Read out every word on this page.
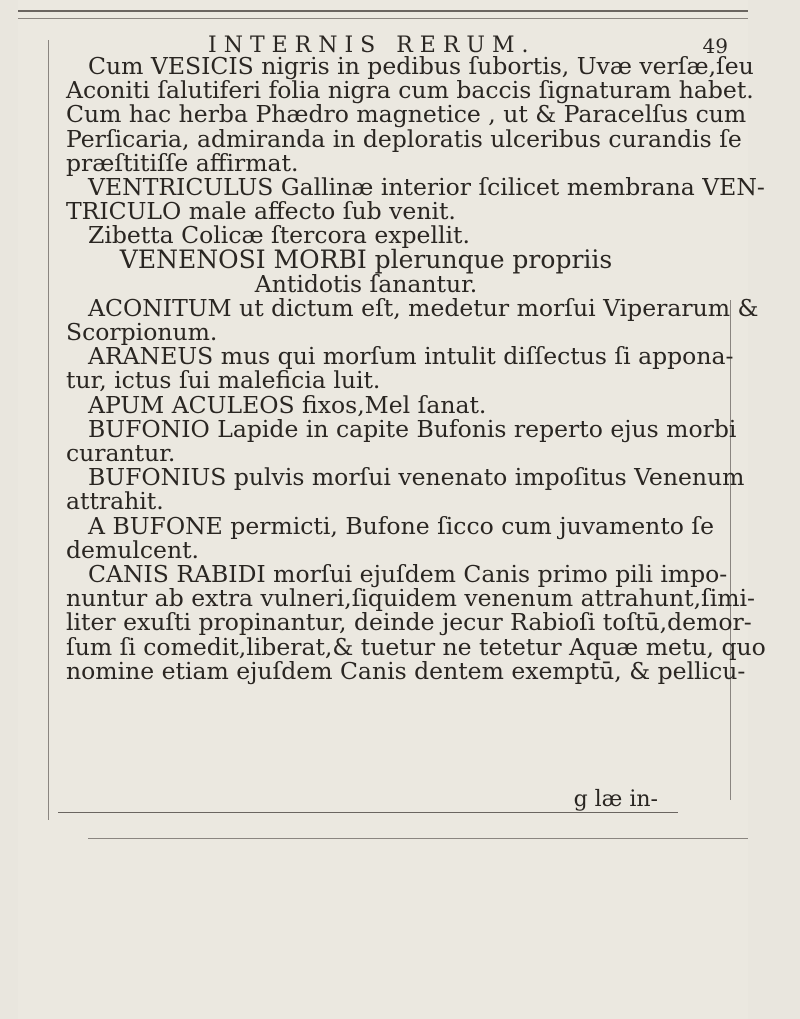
INTERNIS RERUM.	49
Cum VESICIS nigris in pedibus ſubortis, Uvæ verſæ,ſeu
Aconiti ſalutiferi folia nigra cum baccis ſignaturam habet.
Cum hac herba Phædro magnetice , ut & Paracelſus cum
Perſicaria, admiranda in deploratis ulceribus curandis ſe
præſtitiſſe affirmat.
VENTRICULUS Gallinæ interior ſcilicet membrana VEN-
TRICULO male affecto ſub venit.
Zibetta Colicæ ſtercora expellit.
VENENOSI MORBI plerunque propriis
Antidotis ſanantur.
ACONITUM ut dictum eſt, medetur morſui Viperarum &
Scorpionum.
ARANEUS mus qui morſum intulit diſſectus ſi appona-
tur, ictus ſui maleficia luit.
APUM ACULEOS fixos,Mel ſanat.
BUFONIO Lapide in capite Bufonis reperto ejus morbi
curantur.
BUFONIUS pulvis morſui venenato impoſitus Venenum
attrahit.
A BUFONE permicti, Bufone ſicco cum juvamento ſe
demulcent.
CANIS RABIDI morſui ejuſdem Canis primo pili impo-
nuntur ab extra vulneri,ſiquidem venenum attrahunt,ſimi-
liter exuſti propinantur, deinde jecur Rabioſi toſtū,demor-
ſum ſi comedit,liberat,& tuetur ne tetetur Aquæ metu, quo
nomine etiam ejuſdem Canis dentem exemptū, & pellicu-
g læ in-
